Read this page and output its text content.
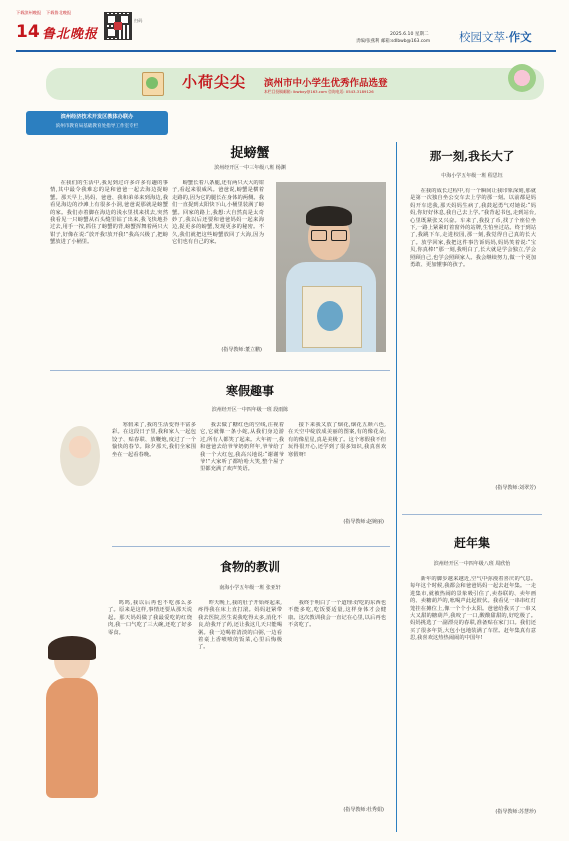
下载滨州晚报	下载鲁北晚报
14 鲁北晚报
扫码
2025.6.10 星期二
责编/张燕利 邮箱:sdlbwb@163.com	校园文萃·作文
小荷尖尖 滨州市中小学生优秀作品选登
本栏目投稿邮箱: lbwbxy@163.com 咨询电话: 0543-3189126
滨州经济技术开发区教体办联办
滨州市教育局基础教育处指导工作室专栏
捉螃蟹
滨州经开区一中三年级八班 杨渊

在我们的生活中,我见到过许多许多有趣的事情,其中最令我难忘的是和爸爸一起去海边捉螃蟹。那天早上,妈妈、爸爸、我和弟弟来到海边,我看见海边的沙滩上有很多小洞,爸爸说那就是螃蟹的家。我们赤着脚在海边的浅水里找来找去,突然我看见一只螃蟹从石头缝里钻了出来,我飞快地扑过去,用手一按,抓住了螃蟹的背,螃蟹挥舞着两只大钳子,好像在说:“放开我!放开我!”我高兴极了,把螃蟹放进了小桶里。

螃蟹长着八条腿,还有两只大大的钳子,看起来很威风。爸爸说,螃蟹是横着走路的,因为它的腿长在身体的两侧。我们一直捉到太阳快下山,小桶里装满了螃蟹。回家的路上,我想:大自然真是太奇妙了,我以后还要和爸爸妈妈一起来海边,捉更多的螃蟹,发现更多的秘密。不久,我们就把这些螃蟹放回了大海,因为它们也有自己的家。

(指导教师:董立鹏)
那一刻,我长大了
中海小学五年级一班 程思钰

在我的成长过程中,有一个瞬间让我印象深刻,那就是第一次独自坐公交车去上学的那一刻。以前都是妈妈开车送我,那天妈妈生病了,我鼓起勇气对她说:“妈妈,你好好休息,我自己去上学。”我背起书包,走到站台,心里既紧张又兴奋。车来了,我投了币,找了个座位坐下,一路上紧紧盯着窗外的站牌,生怕坐过站。终于到站了,我跳下车,走进校园,那一刻,我觉得自己真的长大了。放学回家,我把这件事告诉妈妈,妈妈笑着说:“宝贝,你真棒!”那一刻,我明白了,长大就是学会独立,学会照顾自己,也学会照顾家人。我会继续努力,做一个更加勇敢、更加懂事的孩子。

(指导教师:刘翠芳)
寒假趣事
滨州经开区一中四年级一班 段雨陈

寒假来了,我的生活变得丰富多彩。在这段日子里,我和家人一起包饺子、贴春联、放鞭炮,度过了一个愉快的春节。除夕那天,我们全家围坐在一起看春晚。

我去做了糖红色的空线,注视着它,它就像一条小蛇,从我们身边游过,所有人都笑了起来。大年初一,我和爸爸去给爷爷奶奶拜年,爷爷给了我一个大红包,我高兴地说:“谢谢爷爷!”大家听了都哈哈大笑,整个屋子里都充满了欢声笑语。

接下来我又放了烟花,烟花五颜六色,在天空中绽放成美丽的图案,有的像花朵,有的像星星,真是美极了。这个寒假我不但玩得很开心,还学到了很多知识,我真喜欢寒假呀!

(指导教师:赵婉丽)
食物的教训
南海小学五年级一班 张亚轩

呜呜,我以后再也不吃那么多了。原来是这样,事情还要从那天说起。那天妈妈做了我最爱吃的红烧肉,我一口气吃了三大碗,还吃了好多零食。

昨天晚上,我的肚子开始疼起来,疼得我在床上直打滚。妈妈赶紧带我去医院,医生说我吃得太多,消化不良,给我开了药,还让我这几天只能喝粥。我一边喝着清淡的白粥,一边看着桌上香喷喷的饭菜,心里后悔极了。

我终于明白了一个道理:好吃的东西也不能多吃,吃饭要适量,这样身体才会健康。这次教训我会一直记在心里,以后再也不贪吃了。

(指导教师:杜秀娟)
赶年集
滨州经开区一中四年级八班 周欣怡

新年的脚步越来越近,空气中弥漫着喜庆的气息。每年这个时候,我都会和爸爸妈妈一起去赶年集。一走进集市,就被热闹的景象吸引住了,卖春联的、卖年画的、卖糖葫芦的,吆喝声此起彼伏。我看见一串串红灯笼挂在摊位上,像一个个小太阳。爸爸给我买了一串又大又甜的糖葫芦,我咬了一口,酸酸甜甜的,好吃极了。妈妈挑选了一副漂亮的春联,准备贴在家门口。我们还买了很多年货,大包小包地装满了车筐。赶年集真有意思,我喜欢这热热闹闹的中国年!

(指导教师:苏慧珍)
